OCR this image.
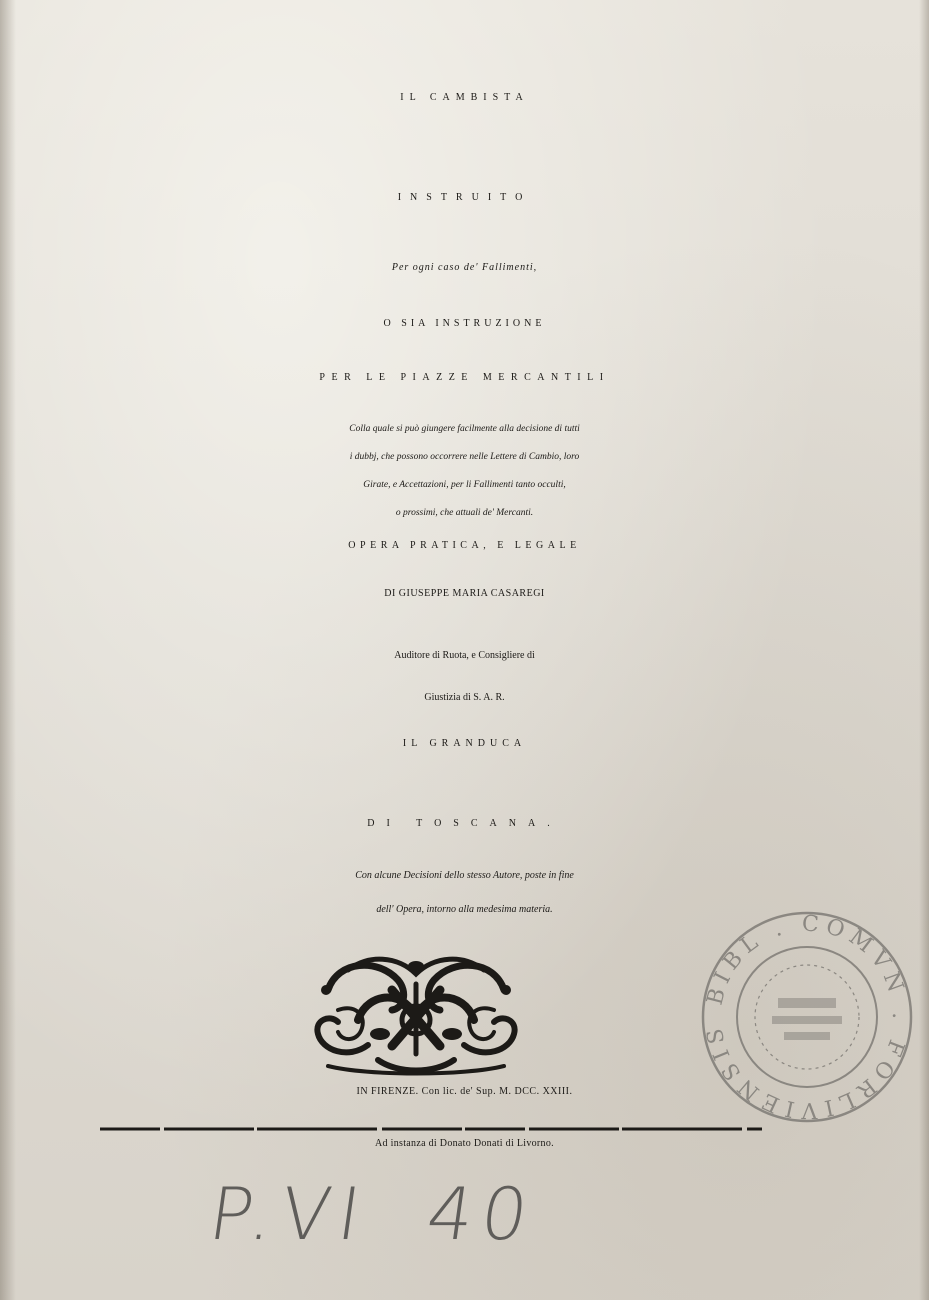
IL CAMBISTA
INSTRUITO
Per ogni caso de' Fallimenti,
O SIA INSTRUZIONE
PER LE PIAZZE MERCANTILI
Colla quale si può giungere facilmente alla decisione di tutti
i dubbj, che possono occorrere nelle Lettere di Cambio, loro
Girate, e Accettazioni, per li Fallimenti tanto occulti,
o prossimi, che attuali de' Mercanti.
OPERA PRATICA, E LEGALE
DI GIUSEPPE MARIA CASAREGI
Auditore di Ruota, e Consigliere di
Giustizia di S. A. R.
IL GRANDUCA
DI TOSCANA.
Con alcune Decisioni dello stesso Autore, poste in fine
dell' Opera, intorno alla medesima materia.
IN FIRENZE. Con lic. de' Sup. M. DCC. XXIII.
Ad instanza di Donato Donati di Livorno.
BIBL . COMVN . FORLIVIENSIS
P.VI 40
